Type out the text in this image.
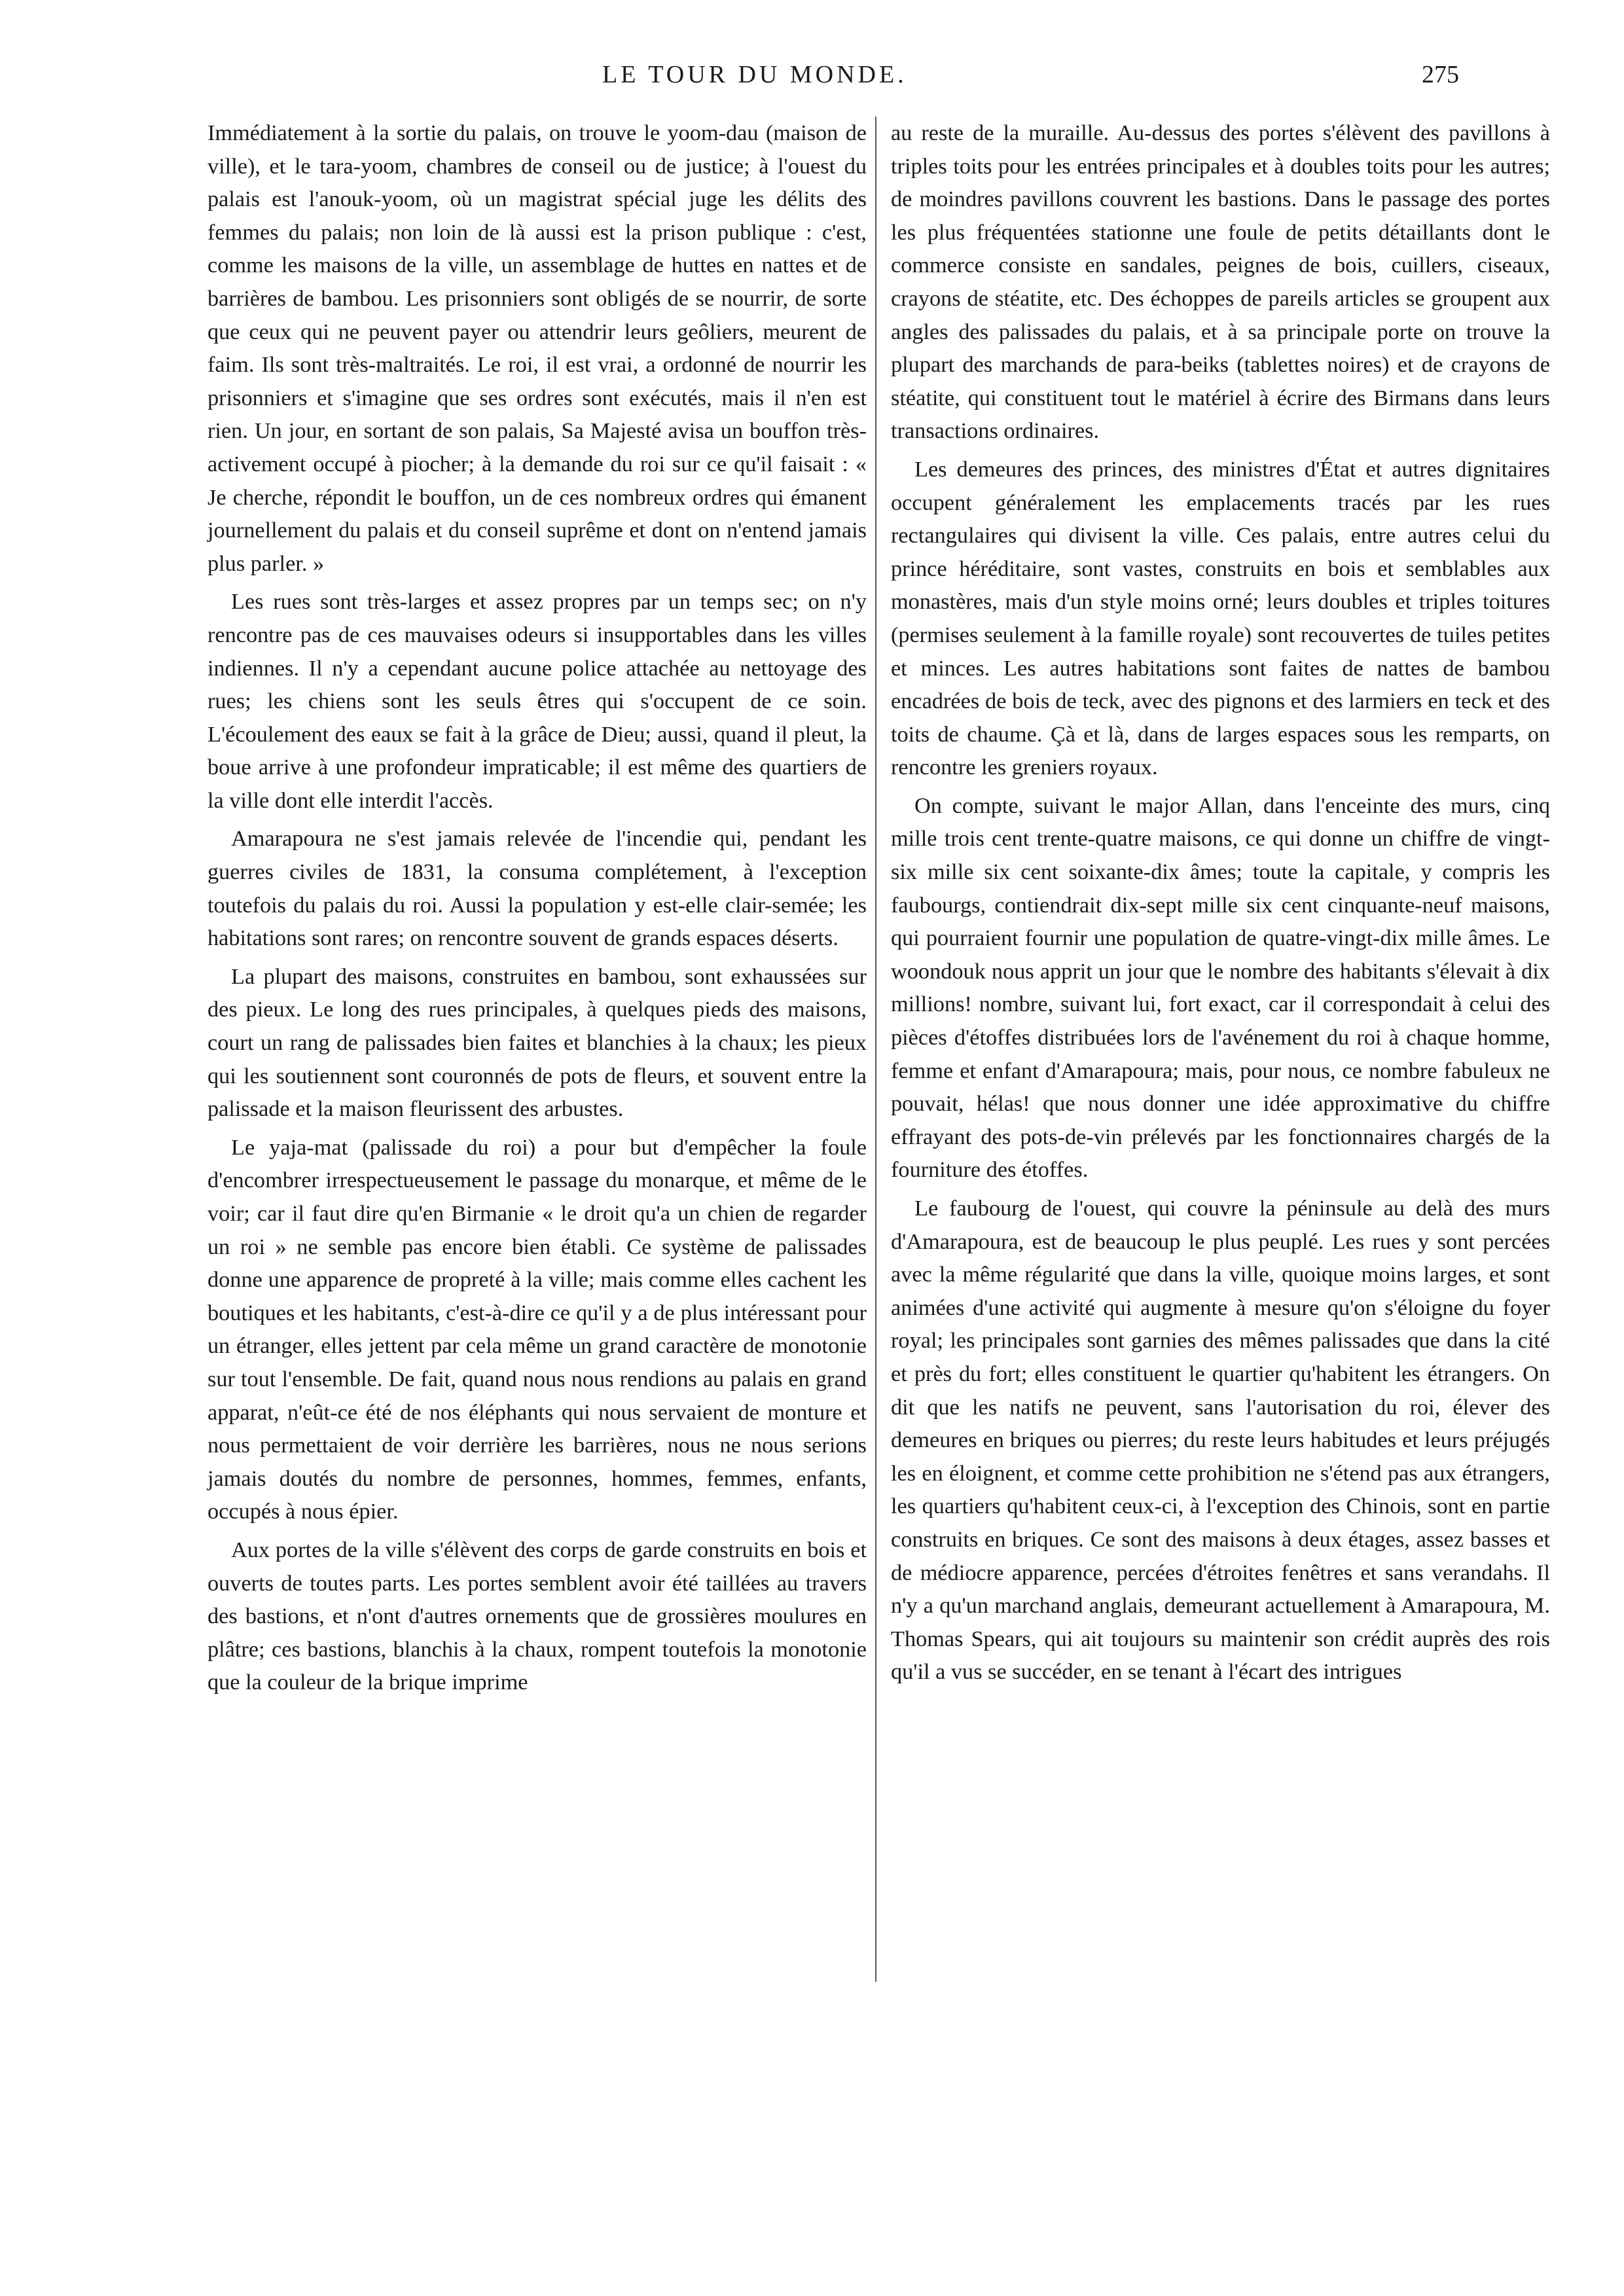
LE TOUR DU MONDE.	275

Immédiatement à la sortie du palais, on trouve le yoom-dau (maison de ville), et le tara-yoom, chambres de conseil ou de justice; à l'ouest du palais est l'anouk-yoom, où un magistrat spécial juge les délits des femmes du palais; non loin de là aussi est la prison publique : c'est, comme les maisons de la ville, un assemblage de huttes en nattes et de barrières de bambou. Les prisonniers sont obligés de se nourrir, de sorte que ceux qui ne peuvent payer ou attendrir leurs geôliers, meurent de faim. Ils sont très-maltraités. Le roi, il est vrai, a ordonné de nourrir les prisonniers et s'imagine que ses ordres sont exécutés, mais il n'en est rien. Un jour, en sortant de son palais, Sa Majesté avisa un bouffon très-activement occupé à piocher; à la demande du roi sur ce qu'il faisait : « Je cherche, répondit le bouffon, un de ces nombreux ordres qui émanent journellement du palais et du conseil suprême et dont on n'entend jamais plus parler. »

Les rues sont très-larges et assez propres par un temps sec; on n'y rencontre pas de ces mauvaises odeurs si insupportables dans les villes indiennes. Il n'y a cependant aucune police attachée au nettoyage des rues; les chiens sont les seuls êtres qui s'occupent de ce soin. L'écoulement des eaux se fait à la grâce de Dieu; aussi, quand il pleut, la boue arrive à une profondeur impraticable; il est même des quartiers de la ville dont elle interdit l'accès.

Amarapoura ne s'est jamais relevée de l'incendie qui, pendant les guerres civiles de 1831, la consuma complétement, à l'exception toutefois du palais du roi. Aussi la population y est-elle clair-semée; les habitations sont rares; on rencontre souvent de grands espaces déserts.

La plupart des maisons, construites en bambou, sont exhaussées sur des pieux. Le long des rues principales, à quelques pieds des maisons, court un rang de palissades bien faites et blanchies à la chaux; les pieux qui les soutiennent sont couronnés de pots de fleurs, et souvent entre la palissade et la maison fleurissent des arbustes.

Le yaja-mat (palissade du roi) a pour but d'empêcher la foule d'encombrer irrespectueusement le passage du monarque, et même de le voir; car il faut dire qu'en Birmanie « le droit qu'a un chien de regarder un roi » ne semble pas encore bien établi. Ce système de palissades donne une apparence de propreté à la ville; mais comme elles cachent les boutiques et les habitants, c'est-à-dire ce qu'il y a de plus intéressant pour un étranger, elles jettent par cela même un grand caractère de monotonie sur tout l'ensemble. De fait, quand nous nous rendions au palais en grand apparat, n'eût-ce été de nos éléphants qui nous servaient de monture et nous permettaient de voir derrière les barrières, nous ne nous serions jamais doutés du nombre de personnes, hommes, femmes, enfants, occupés à nous épier.

Aux portes de la ville s'élèvent des corps de garde construits en bois et ouverts de toutes parts. Les portes semblent avoir été taillées au travers des bastions, et n'ont d'autres ornements que de grossières moulures en plâtre; ces bastions, blanchis à la chaux, rompent toutefois la monotonie que la couleur de la brique imprime

au reste de la muraille. Au-dessus des portes s'élèvent des pavillons à triples toits pour les entrées principales et à doubles toits pour les autres; de moindres pavillons couvrent les bastions. Dans le passage des portes les plus fréquentées stationne une foule de petits détaillants dont le commerce consiste en sandales, peignes de bois, cuillers, ciseaux, crayons de stéatite, etc. Des échoppes de pareils articles se groupent aux angles des palissades du palais, et à sa principale porte on trouve la plupart des marchands de para-beiks (tablettes noires) et de crayons de stéatite, qui constituent tout le matériel à écrire des Birmans dans leurs transactions ordinaires.

Les demeures des princes, des ministres d'État et autres dignitaires occupent généralement les emplacements tracés par les rues rectangulaires qui divisent la ville. Ces palais, entre autres celui du prince héréditaire, sont vastes, construits en bois et semblables aux monastères, mais d'un style moins orné; leurs doubles et triples toitures (permises seulement à la famille royale) sont recouvertes de tuiles petites et minces. Les autres habitations sont faites de nattes de bambou encadrées de bois de teck, avec des pignons et des larmiers en teck et des toits de chaume. Çà et là, dans de larges espaces sous les remparts, on rencontre les greniers royaux.

On compte, suivant le major Allan, dans l'enceinte des murs, cinq mille trois cent trente-quatre maisons, ce qui donne un chiffre de vingt-six mille six cent soixante-dix âmes; toute la capitale, y compris les faubourgs, contiendrait dix-sept mille six cent cinquante-neuf maisons, qui pourraient fournir une population de quatre-vingt-dix mille âmes. Le woondouk nous apprit un jour que le nombre des habitants s'élevait à dix millions! nombre, suivant lui, fort exact, car il correspondait à celui des pièces d'étoffes distribuées lors de l'avénement du roi à chaque homme, femme et enfant d'Amarapoura; mais, pour nous, ce nombre fabuleux ne pouvait, hélas! que nous donner une idée approximative du chiffre effrayant des pots-de-vin prélevés par les fonctionnaires chargés de la fourniture des étoffes.

Le faubourg de l'ouest, qui couvre la péninsule au delà des murs d'Amarapoura, est de beaucoup le plus peuplé. Les rues y sont percées avec la même régularité que dans la ville, quoique moins larges, et sont animées d'une activité qui augmente à mesure qu'on s'éloigne du foyer royal; les principales sont garnies des mêmes palissades que dans la cité et près du fort; elles constituent le quartier qu'habitent les étrangers. On dit que les natifs ne peuvent, sans l'autorisation du roi, élever des demeures en briques ou pierres; du reste leurs habitudes et leurs préjugés les en éloignent, et comme cette prohibition ne s'étend pas aux étrangers, les quartiers qu'habitent ceux-ci, à l'exception des Chinois, sont en partie construits en briques. Ce sont des maisons à deux étages, assez basses et de médiocre apparence, percées d'étroites fenêtres et sans verandahs. Il n'y a qu'un marchand anglais, demeurant actuellement à Amarapoura, M. Thomas Spears, qui ait toujours su maintenir son crédit auprès des rois qu'il a vus se succéder, en se tenant à l'écart des intrigues
